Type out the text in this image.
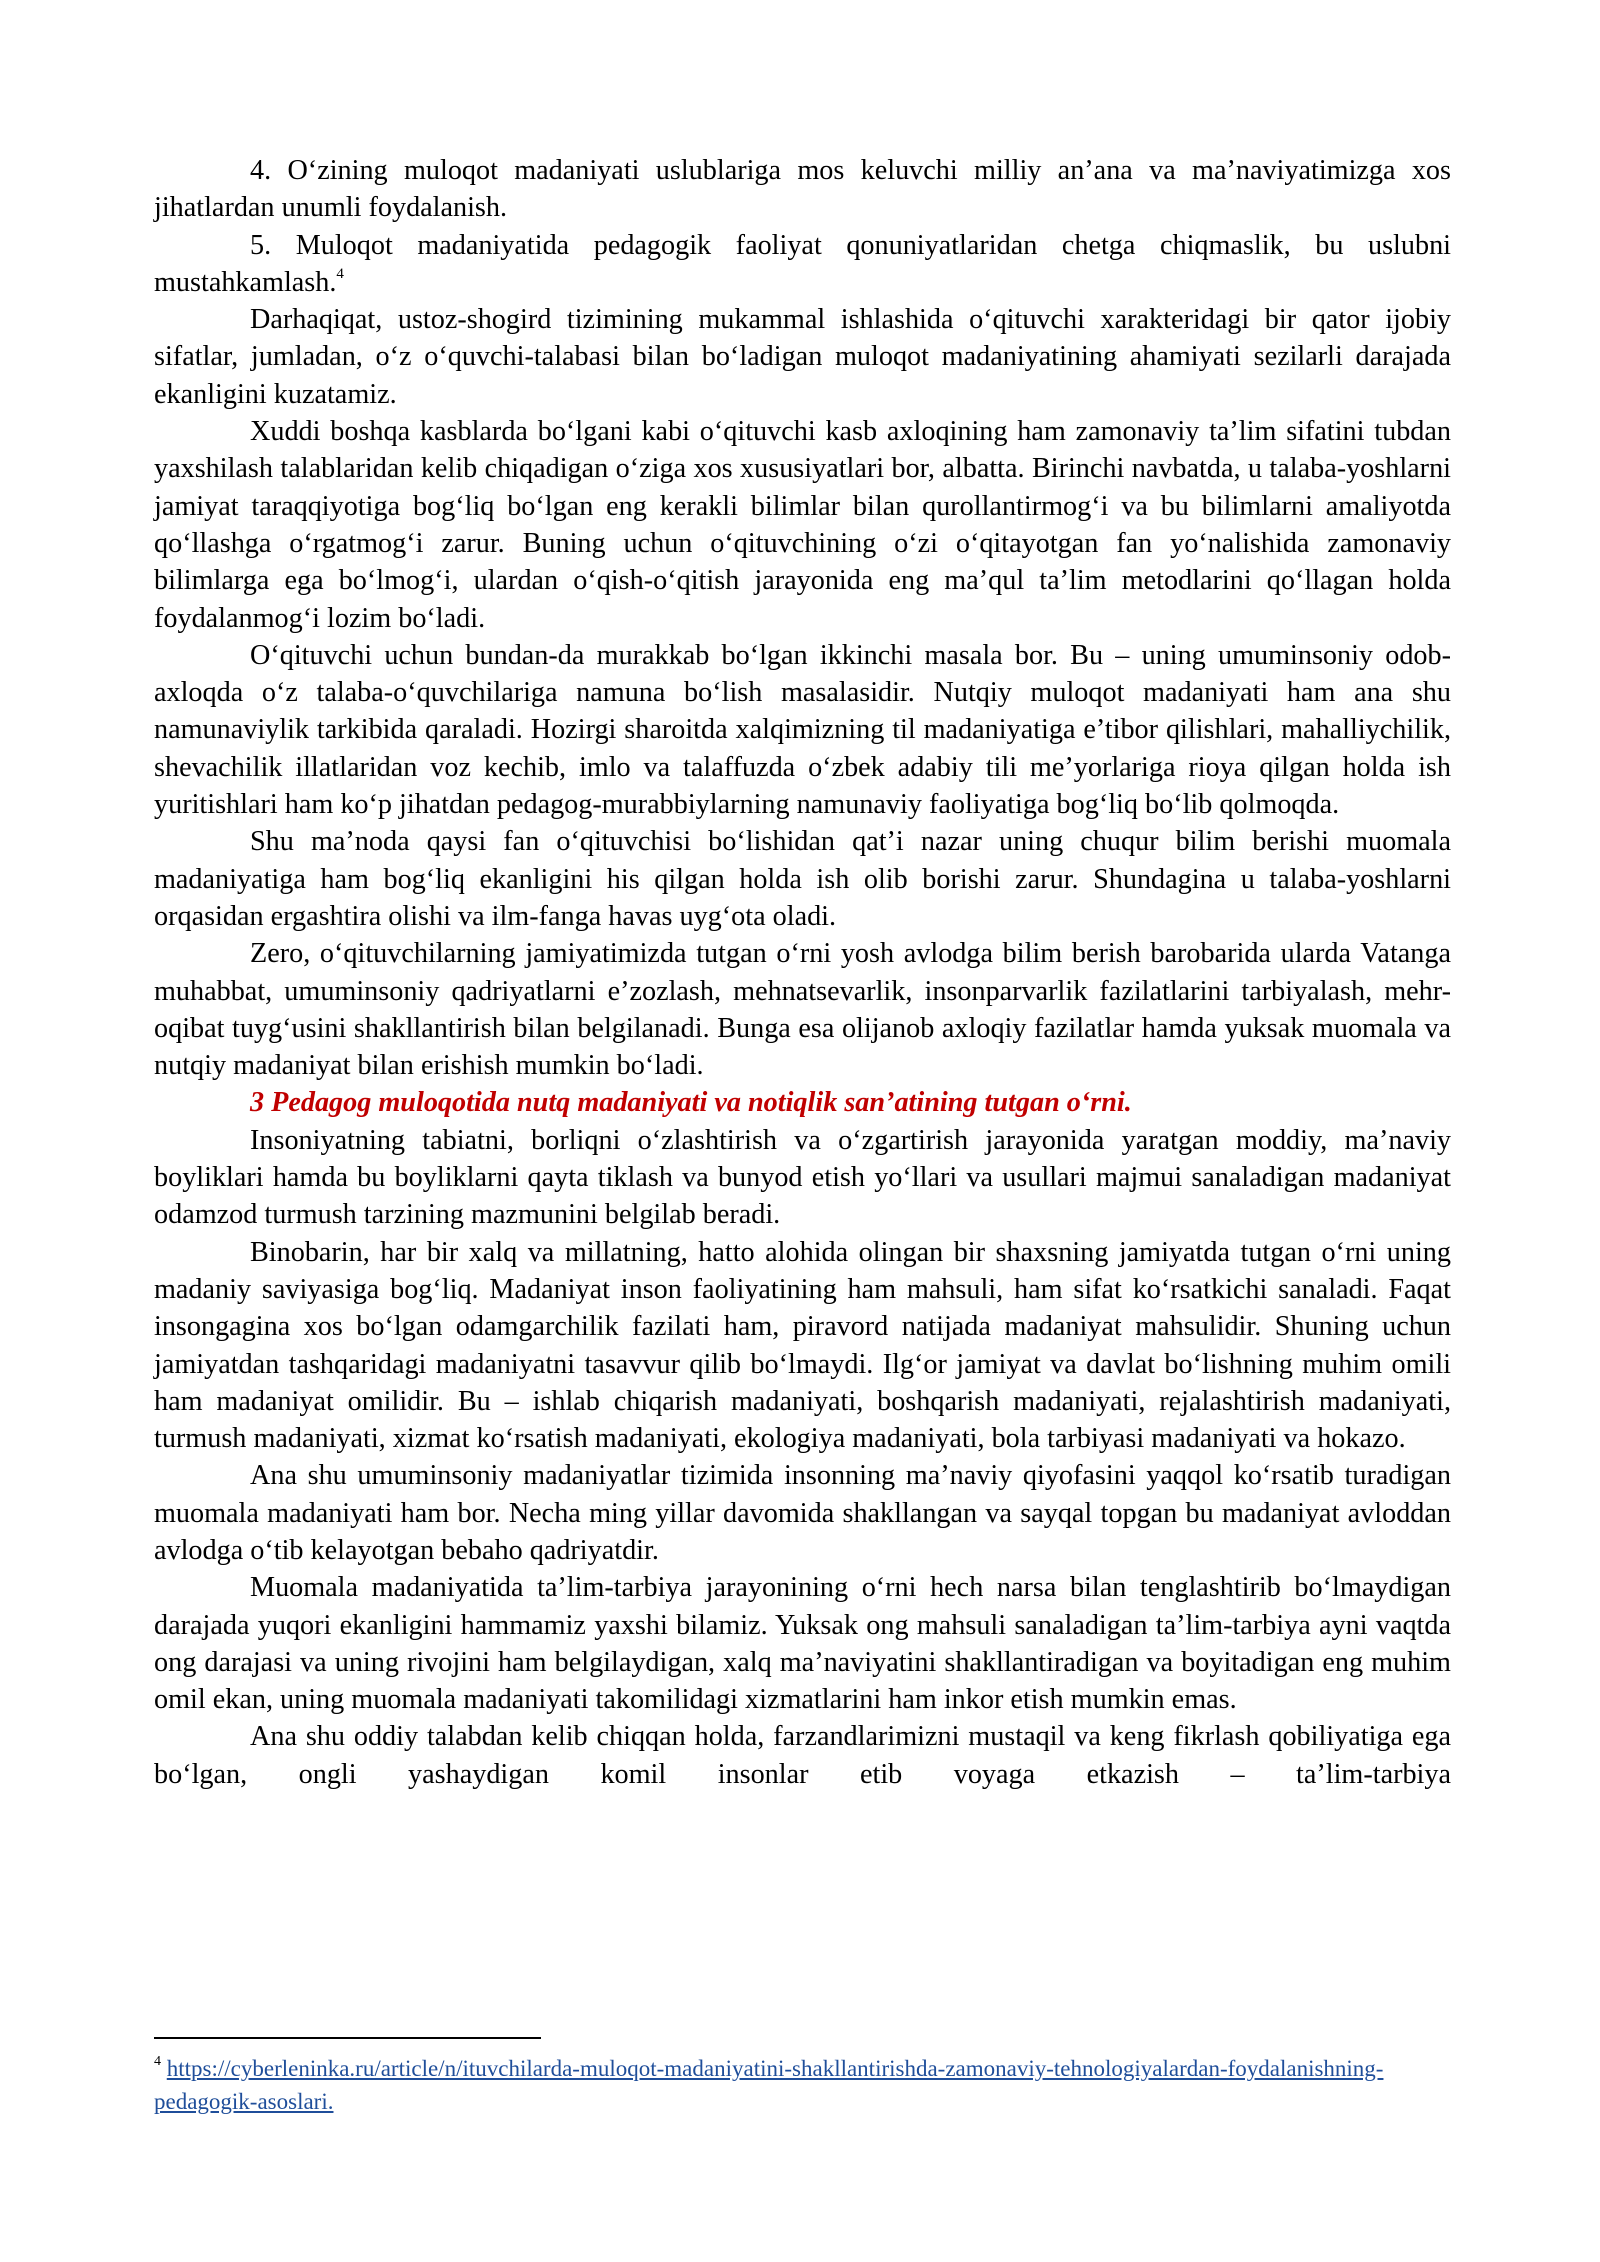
4. O‘zining muloqot madaniyati uslublariga mos keluvchi milliy an’ana va ma’naviyatimizga xos jihatlardan unumli foydalanish.

5. Muloqot madaniyatida pedagogik faoliyat qonuniyatlaridan chetga chiqmaslik, bu uslubni mustahkamlash.$^4$

Darhaqiqat, ustoz-shogird tizimining mukammal ishlashida o‘qituvchi xarakteridagi bir qator ijobiy sifatlar, jumladan, o‘z o‘quvchi-talabasi bilan bo‘ladigan muloqot madaniyatining ahamiyati sezilarli darajada ekanligini kuzatamiz.

Xuddi boshqa kasblarda bo‘lgani kabi o‘qituvchi kasb axloqining ham zamonaviy ta’lim sifatini tubdan yaxshilash talablaridan kelib chiqadigan o‘ziga xos xususiyatlari bor, albatta. Birinchi navbatda, u talaba-yoshlarni jamiyat taraqqiyotiga bog‘liq bo‘lgan eng kerakli bilimlar bilan qurollantirmog‘i va bu bilimlarni amaliyotda qo‘llashga o‘rgatmog‘i zarur. Buning uchun o‘qituvchining o‘zi o‘qitayotgan fan yo‘nalishida zamonaviy bilimlarga ega bo‘lmog‘i, ulardan o‘qish-o‘qitish jarayonida eng ma’qul ta’lim metodlarini qo‘llagan holda foydalanmog‘i lozim bo‘ladi.

O‘qituvchi uchun bundan-da murakkab bo‘lgan ikkinchi masala bor. Bu – uning umuminsoniy odob-axloqda o‘z talaba-o‘quvchilariga namuna bo‘lish masalasidir. Nutqiy muloqot madaniyati ham ana shu namunaviylik tarkibida qaraladi. Hozirgi sharoitda xalqimizning til madaniyatiga e’tibor qilishlari, mahalliychilik, shevachilik illatlaridan voz kechib, imlo va talaffuzda o‘zbek adabiy tili me’yorlariga rioya qilgan holda ish yuritishlari ham ko‘p jihatdan pedagog-murabbiylarning namunaviy faoliyatiga bog‘liq bo‘lib qolmoqda.

Shu ma’noda qaysi fan o‘qituvchisi bo‘lishidan qat’i nazar uning chuqur bilim berishi muomala madaniyatiga ham bog‘liq ekanligini his qilgan holda ish olib borishi zarur. Shundagina u talaba-yoshlarni orqasidan ergashtira olishi va ilm-fanga havas uyg‘ota oladi.

Zero, o‘qituvchilarning jamiyatimizda tutgan o‘rni yosh avlodga bilim berish barobarida ularda Vatanga muhabbat, umuminsoniy qadriyatlarni e’zozlash, mehnatsevarlik, insonparvarlik fazilatlarini tarbiyalash, mehr-oqibat tuyg‘usini shakllantirish bilan belgilanadi. Bunga esa olijanob axloqiy fazilatlar hamda yuksak muomala va nutqiy madaniyat bilan erishish mumkin bo‘ladi.

3 Pedagog muloqotida nutq madaniyati va notiqlik san’atining tutgan o‘rni.

Insoniyatning tabiatni, borliqni o‘zlashtirish va o‘zgartirish jarayonida yaratgan moddiy, ma’naviy boyliklari hamda bu boyliklarni qayta tiklash va bunyod etish yo‘llari va usullari majmui sanaladigan madaniyat odamzod turmush tarzining mazmunini belgilab beradi.

Binobarin, har bir xalq va millatning, hatto alohida olingan bir shaxsning jamiyatda tutgan o‘rni uning madaniy saviyasiga bog‘liq. Madaniyat inson faoliyatining ham mahsuli, ham sifat ko‘rsatkichi sanaladi. Faqat insongagina xos bo‘lgan odamgarchilik fazilati ham, piravord natijada madaniyat mahsulidir. Shuning uchun jamiyatdan tashqaridagi madaniyatni tasavvur qilib bo‘lmaydi. Ilg‘or jamiyat va davlat bo‘lishning muhim omili ham madaniyat omilidir. Bu – ishlab chiqarish madaniyati, boshqarish madaniyati, rejalashtirish madaniyati, turmush madaniyati, xizmat ko‘rsatish madaniyati, ekologiya madaniyati, bola tarbiyasi madaniyati va hokazo.

Ana shu umuminsoniy madaniyatlar tizimida insonning ma’naviy qiyofasini yaqqol ko‘rsatib turadigan muomala madaniyati ham bor. Necha ming yillar davomida shakllangan va sayqal topgan bu madaniyat avloddan avlodga o‘tib kelayotgan bebaho qadriyatdir.

Muomala madaniyatida ta’lim-tarbiya jarayonining o‘rni hech narsa bilan tenglashtirib bo‘lmaydigan darajada yuqori ekanligini hammamiz yaxshi bilamiz. Yuksak ong mahsuli sanaladigan ta’lim-tarbiya ayni vaqtda ong darajasi va uning rivojini ham belgilaydigan, xalq ma’naviyatini shakllantiradigan va boyitadigan eng muhim omil ekan, uning muomala madaniyati takomilidagi xizmatlarini ham inkor etish mumkin emas.

Ana shu oddiy talabdan kelib chiqqan holda, farzandlarimizni mustaqil va keng fikrlash qobiliyatiga ega bo‘lgan, ongli yashaydigan komil insonlar etib voyaga etkazish – ta’lim-tarbiya

$^4$ https://cyberleninka.ru/article/n/ituvchilarda-muloqot-madaniyatini-shakllantirishda-zamonaviy-tehnologiyalardan-foydalanishning-pedagogik-asoslari.
